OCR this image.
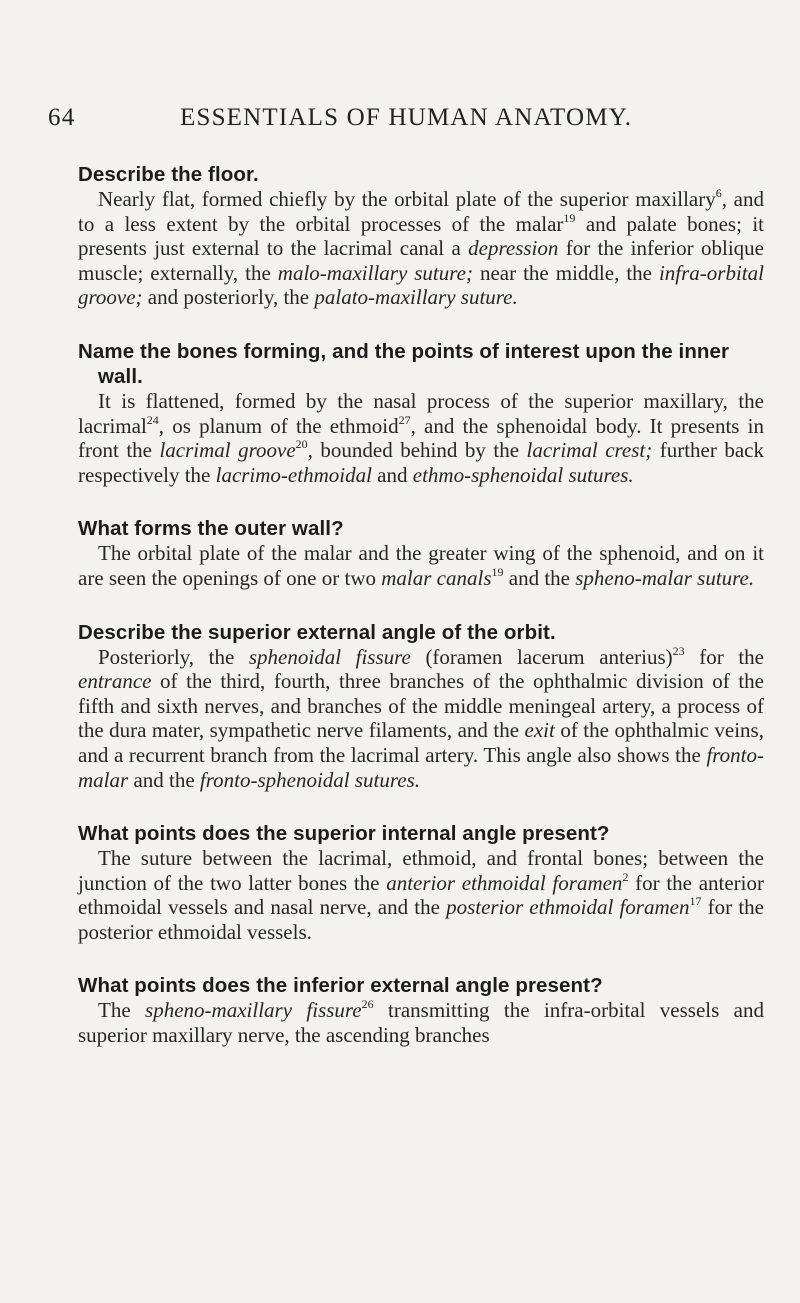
64	ESSENTIALS OF HUMAN ANATOMY.

Describe the floor.

Nearly flat, formed chiefly by the orbital plate of the superior maxillary$^6$, and to a less extent by the orbital processes of the malar$^{19}$ and palate bones; it presents just external to the lacrimal canal a depression for the inferior oblique muscle; externally, the malo-maxillary suture; near the middle, the infra-orbital groove; and posteriorly, the palato-maxillary suture.

Name the bones forming, and the points of interest upon the inner wall.

It is flattened, formed by the nasal process of the superior maxillary, the lacrimal$^{24}$, os planum of the ethmoid$^{27}$, and the sphenoidal body. It presents in front the lacrimal groove$^{20}$, bounded behind by the lacrimal crest; further back respectively the lacrimo-ethmoidal and ethmo-sphenoidal sutures.

What forms the outer wall?

The orbital plate of the malar and the greater wing of the sphenoid, and on it are seen the openings of one or two malar canals$^{19}$ and the spheno-malar suture.

Describe the superior external angle of the orbit.

Posteriorly, the sphenoidal fissure (foramen lacerum anterius)$^{23}$ for the entrance of the third, fourth, three branches of the ophthalmic division of the fifth and sixth nerves, and branches of the middle meningeal artery, a process of the dura mater, sympathetic nerve filaments, and the exit of the ophthalmic veins, and a recurrent branch from the lacrimal artery. This angle also shows the fronto-malar and the fronto-sphenoidal sutures.

What points does the superior internal angle present?

The suture between the lacrimal, ethmoid, and frontal bones; between the junction of the two latter bones the anterior ethmoidal foramen$^2$ for the anterior ethmoidal vessels and nasal nerve, and the posterior ethmoidal foramen$^{17}$ for the posterior ethmoidal vessels.

What points does the inferior external angle present?

The spheno-maxillary fissure$^{26}$ transmitting the infra-orbital vessels and superior maxillary nerve, the ascending branches
